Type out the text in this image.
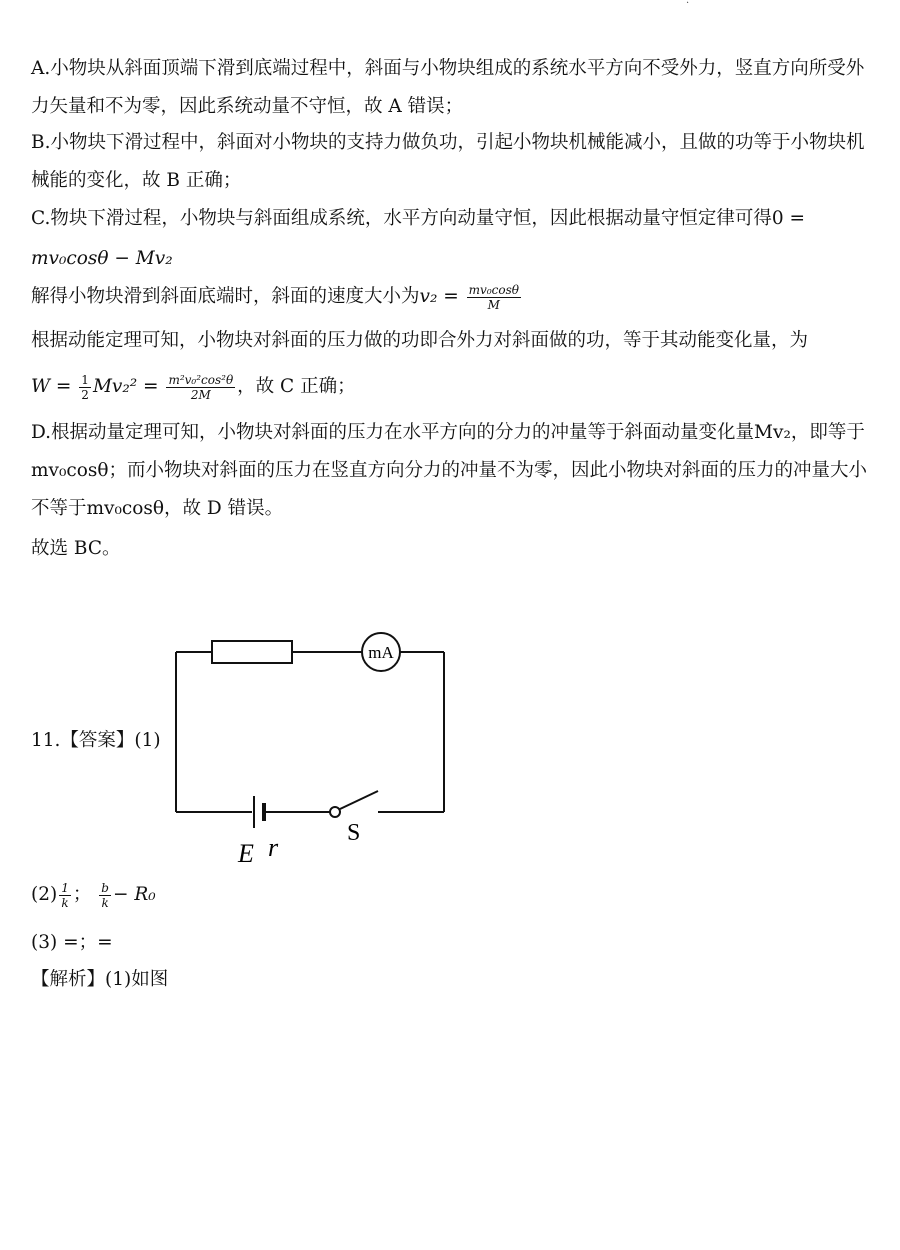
·
A.小物块从斜面顶端下滑到底端过程中，斜面与小物块组成的系统水平方向不受外力，竖直方向所受外力矢量和不为零，因此系统动量不守恒，故 A 错误；
B.小物块下滑过程中，斜面对小物块的支持力做负功，引起小物块机械能减小，且做的功等于小物块机械能的变化，故 B 正确；
C.物块下滑过程，小物块与斜面组成系统，水平方向动量守恒，因此根据动量守恒定律可得0 =
mv₀cosθ − Mv₂
解得小物块滑到斜面底端时，斜面的速度大小为$v_2 = \frac{\text{mv₀cosθ}}{M}$
根据动能定理可知，小物块对斜面的压力做的功即合外力对斜面做的功，等于其动能变化量，为
$W = \frac{1}{2} Mv_2^2 = \frac{\text{m²v₀²cos²θ}}{2M}$ ，故 C 正确；
D.根据动量定理可知，小物块对斜面的压力在水平方向的分力的冲量等于斜面动量变化量Mv₂，即等于mv₀cosθ；而小物块对斜面的压力在竖直方向分力的冲量不为零，因此小物块对斜面的压力的冲量大小不等于mv₀cosθ，故 D 错误。
故选 BC。
11.【答案】(1)
mA
E r	S
$(2) \frac{1}{k}$ ； $\frac{b}{k} - R_0$
(3) =；=
【解析】(1)如图
